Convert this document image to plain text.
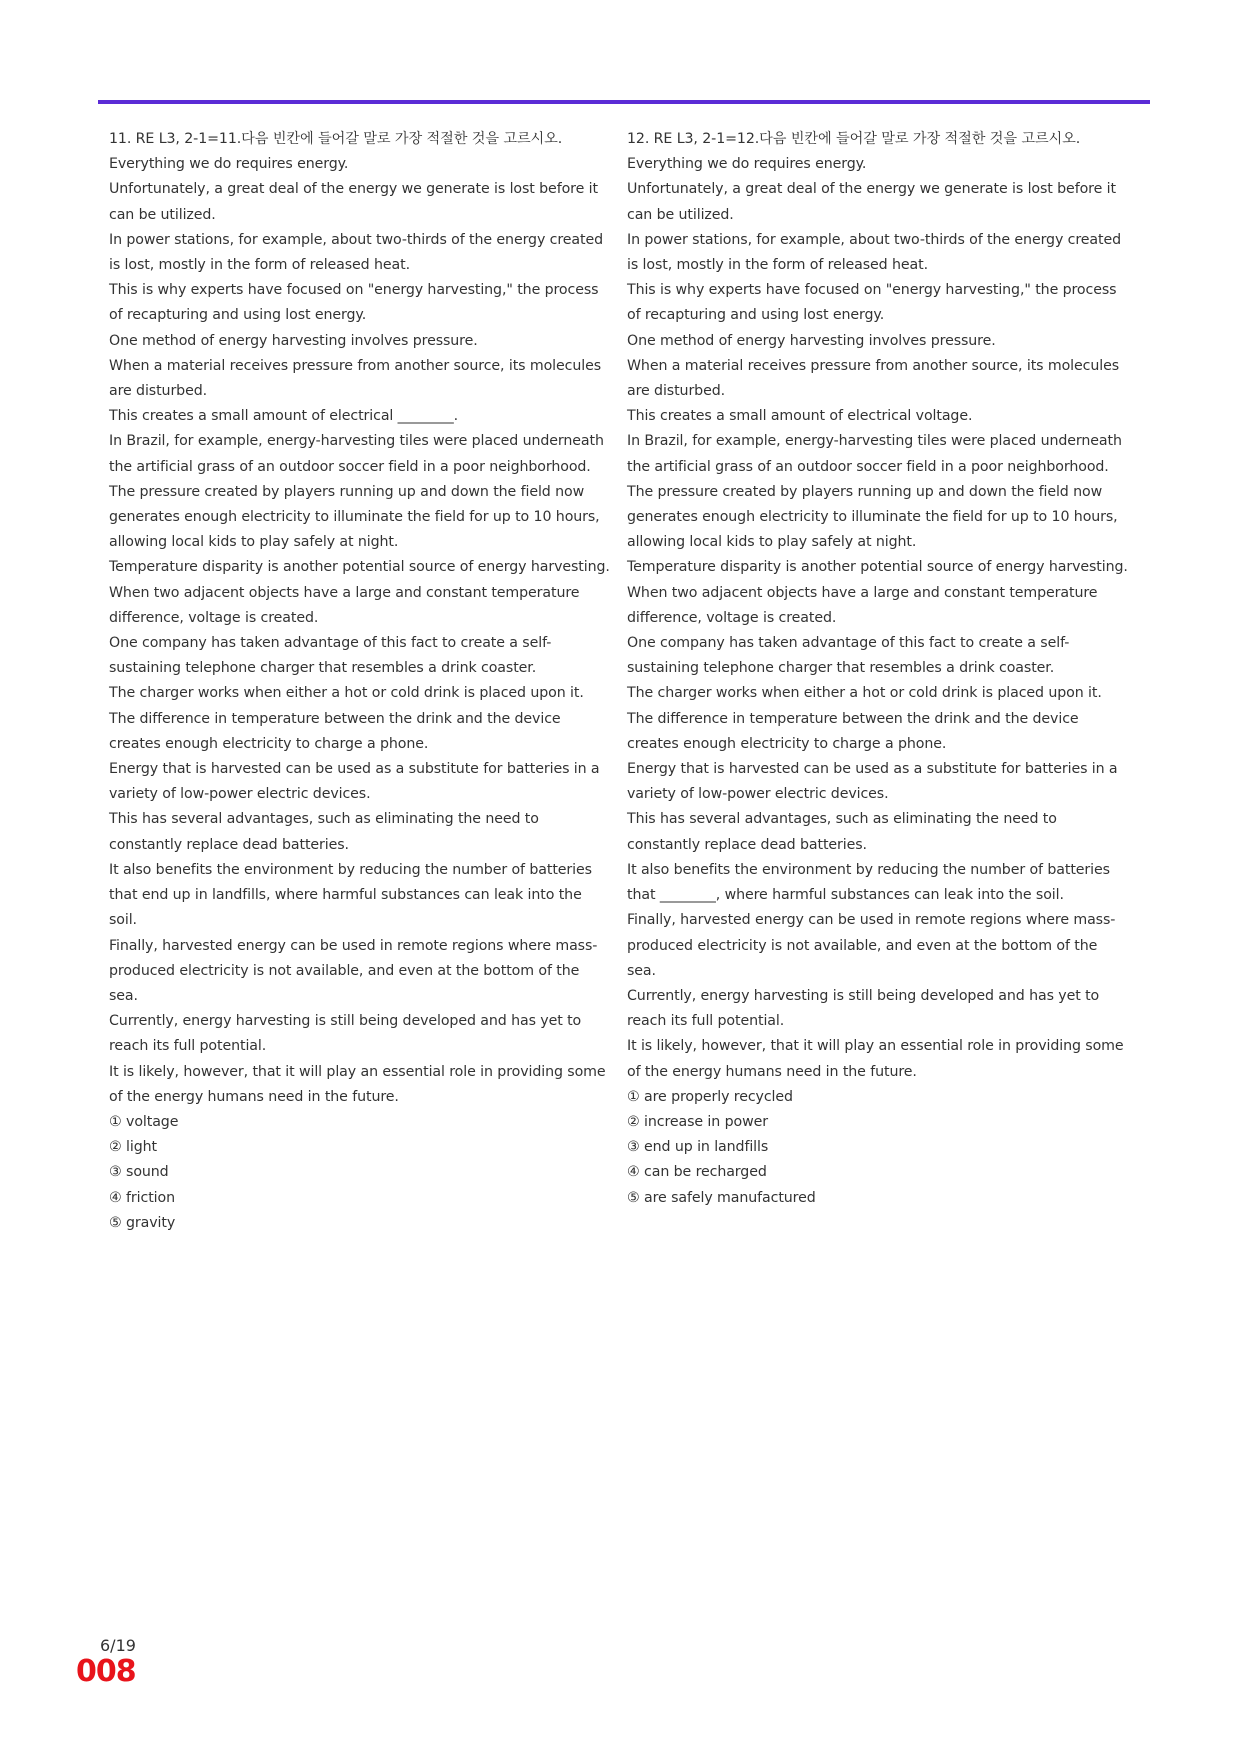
11. RE L3, 2-1=11.다음 빈칸에 들어갈 말로 가장 적절한 것을 고르시오.

Everything we do requires energy.

Unfortunately, a great deal of the energy we generate is lost before it can be utilized.

In power stations, for example, about two-thirds of the energy created is lost, mostly in the form of released heat.

This is why experts have focused on "energy harvesting," the process of recapturing and using lost energy.

One method of energy harvesting involves pressure.

When a material receives pressure from another source, its molecules are disturbed.

This creates a small amount of electrical ________.

In Brazil, for example, energy-harvesting tiles were placed underneath the artificial grass of an outdoor soccer field in a poor neighborhood.

The pressure created by players running up and down the field now generates enough electricity to illuminate the field for up to 10 hours, allowing local kids to play safely at night.

Temperature disparity is another potential source of energy harvesting.

When two adjacent objects have a large and constant temperature difference, voltage is created.

One company has taken advantage of this fact to create a self-sustaining telephone charger that resembles a drink coaster.

The charger works when either a hot or cold drink is placed upon it.

The difference in temperature between the drink and the device creates enough electricity to charge a phone.

Energy that is harvested can be used as a substitute for batteries in a variety of low-power electric devices.

This has several advantages, such as eliminating the need to constantly replace dead batteries.

It also benefits the environment by reducing the number of batteries that end up in landfills, where harmful substances can leak into the soil.

Finally, harvested energy can be used in remote regions where mass-produced electricity is not available, and even at the bottom of the sea.

Currently, energy harvesting is still being developed and has yet to reach its full potential.

It is likely, however, that it will play an essential role in providing some of the energy humans need in the future.

① voltage

② light

③ sound

④ friction

⑤ gravity

12. RE L3, 2-1=12.다음 빈칸에 들어갈 말로 가장 적절한 것을 고르시오.

Everything we do requires energy.

Unfortunately, a great deal of the energy we generate is lost before it can be utilized.

In power stations, for example, about two-thirds of the energy created is lost, mostly in the form of released heat.

This is why experts have focused on "energy harvesting," the process of recapturing and using lost energy.

One method of energy harvesting involves pressure.

When a material receives pressure from another source, its molecules are disturbed.

This creates a small amount of electrical voltage.

In Brazil, for example, energy-harvesting tiles were placed underneath the artificial grass of an outdoor soccer field in a poor neighborhood.

The pressure created by players running up and down the field now generates enough electricity to illuminate the field for up to 10 hours, allowing local kids to play safely at night.

Temperature disparity is another potential source of energy harvesting.

When two adjacent objects have a large and constant temperature difference, voltage is created.

One company has taken advantage of this fact to create a self-sustaining telephone charger that resembles a drink coaster.

The charger works when either a hot or cold drink is placed upon it.

The difference in temperature between the drink and the device creates enough electricity to charge a phone.

Energy that is harvested can be used as a substitute for batteries in a variety of low-power electric devices.

This has several advantages, such as eliminating the need to constantly replace dead batteries.

It also benefits the environment by reducing the number of batteries that ________, where harmful substances can leak into the soil.

Finally, harvested energy can be used in remote regions where mass-produced electricity is not available, and even at the bottom of the sea.

Currently, energy harvesting is still being developed and has yet to reach its full potential.

It is likely, however, that it will play an essential role in providing some of the energy humans need in the future.

① are properly recycled

② increase in power

③ end up in landfills

④ can be recharged

⑤ are safely manufactured

6/19
008
